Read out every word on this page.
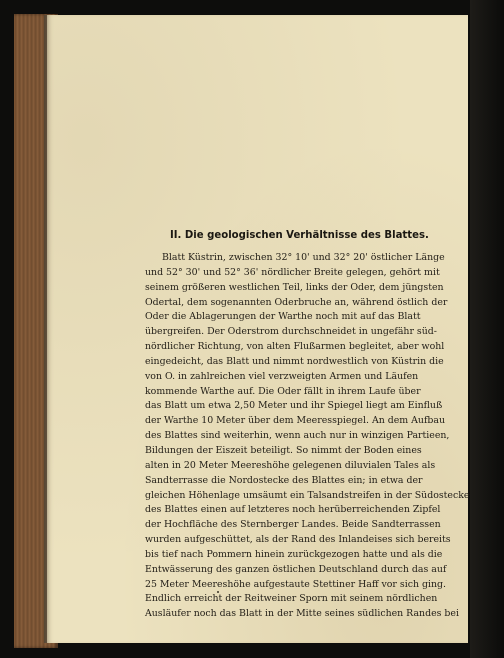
II. Die geologischen Verhältnisse des Blattes.
Blatt Küstrin, zwischen 32° 10' und 32° 20' östlicher Länge
und 52° 30' und 52° 36' nördlicher Breite gelegen, gehört mit
seinem größeren westlichen Teil, links der Oder, dem jüngsten
Odertal, dem sogenannten Oderbruche an, während östlich der
Oder die Ablagerungen der Warthe noch mit auf das Blatt
übergreifen. Der Oderstrom durchschneidet in ungefähr süd-
nördlicher Richtung, von alten Flußarmen begleitet, aber wohl
eingedeicht, das Blatt und nimmt nordwestlich von Küstrin die
von O. in zahlreichen viel verzweigten Armen und Läufen
kommende Warthe auf. Die Oder fällt in ihrem Laufe über
das Blatt um etwa 2,50 Meter und ihr Spiegel liegt am Einfluß
der Warthe 10 Meter über dem Meeresspiegel. An dem Aufbau
des Blattes sind weiterhin, wenn auch nur in winzigen Partieen,
Bildungen der Eiszeit beteiligt. So nimmt der Boden eines
alten in 20 Meter Meereshöhe gelegenen diluvialen Tales als
Sandterrasse die Nordostecke des Blattes ein; in etwa der
gleichen Höhenlage umsäumt ein Talsandstreifen in der Südostecke
des Blattes einen auf letzteres noch herüberreichenden Zipfel
der Hochfläche des Sternberger Landes. Beide Sandterrassen
wurden aufgeschüttet, als der Rand des Inlandeises sich bereits
bis tief nach Pommern hinein zurückgezogen hatte und als die
Entwässerung des ganzen östlichen Deutschland durch das auf
25 Meter Meereshöhe aufgestaute Stettiner Haff vor sich ging.
Endlich erreicht der Reitweiner Sporn mit seinem nördlichen
Ausläufer noch das Blatt in der Mitte seines südlichen Randes bei
